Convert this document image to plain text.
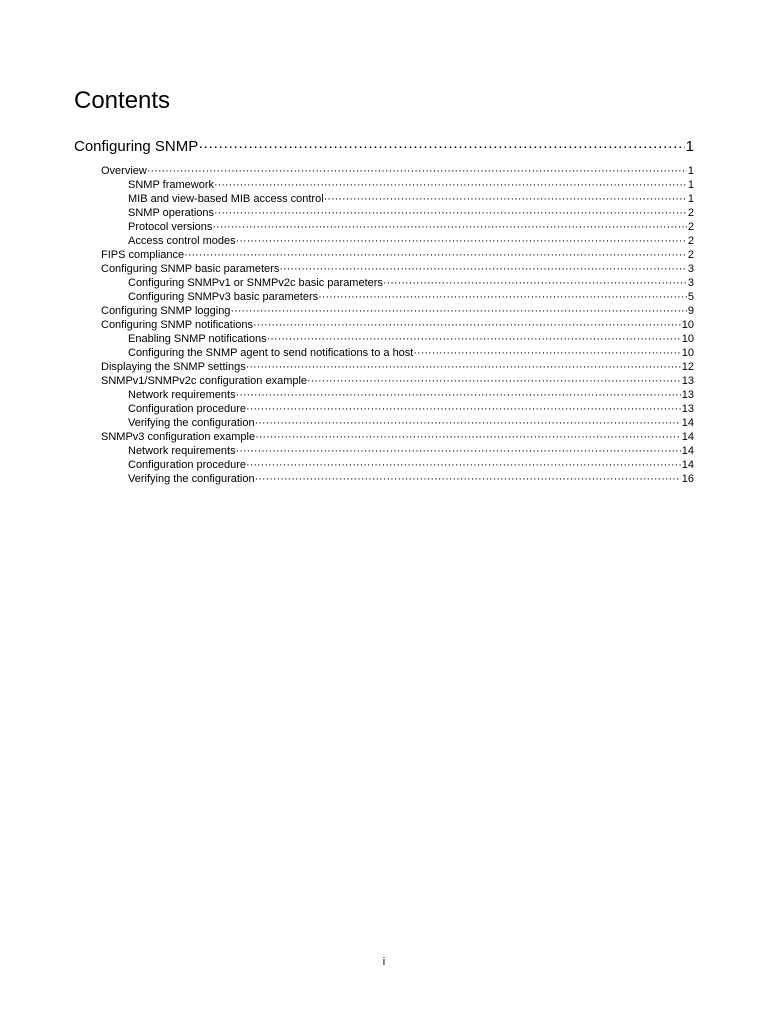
Contents
Configuring SNMP ·····	1
Overview ·····	1
SNMP framework ·····	1
MIB and view-based MIB access control ·····	1
SNMP operations ·····	2
Protocol versions ·····	2
Access control modes ·····	2
FIPS compliance ·····	2
Configuring SNMP basic parameters ·····	3
Configuring SNMPv1 or SNMPv2c basic parameters ·····	3
Configuring SNMPv3 basic parameters ·····	5
Configuring SNMP logging ·····	9
Configuring SNMP notifications ·····	10
Enabling SNMP notifications ·····	10
Configuring the SNMP agent to send notifications to a host ·····	10
Displaying the SNMP settings ·····	12
SNMPv1/SNMPv2c configuration example ·····	13
Network requirements ·····	13
Configuration procedure ·····	13
Verifying the configuration ·····	14
SNMPv3 configuration example ·····	14
Network requirements ·····	14
Configuration procedure ·····	14
Verifying the configuration ·····	16
i
